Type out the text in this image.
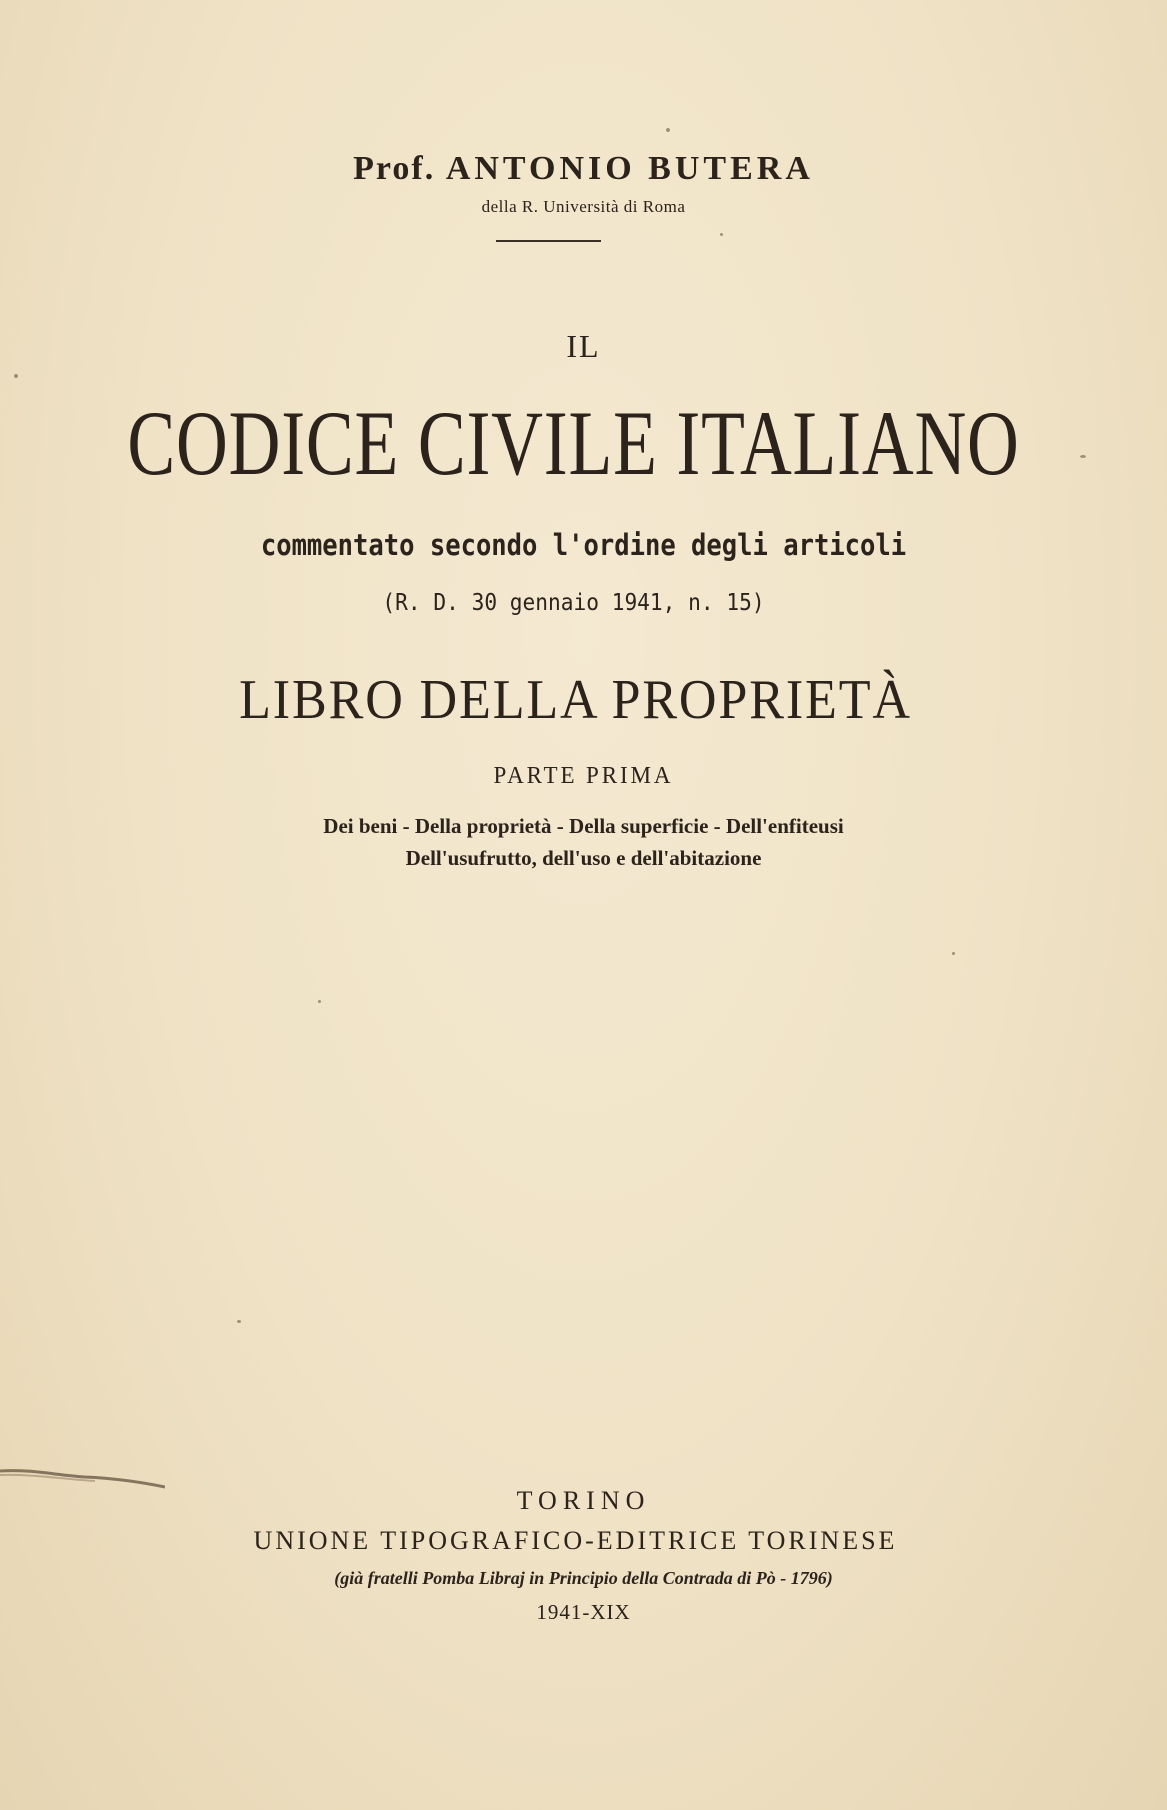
Prof. ANTONIO BUTERA
della R. Università di Roma
IL
CODICE CIVILE ITALIANO
commentato secondo l'ordine degli articoli
(R. D. 30 gennaio 1941, n. 15)
LIBRO DELLA PROPRIETÀ
PARTE PRIMA
Dei beni - Della proprietà - Della superficie - Dell'enfiteusi
Dell'usufrutto, dell'uso e dell'abitazione
TORINO
UNIONE TIPOGRAFICO-EDITRICE TORINESE
(già fratelli Pomba Libraj in Principio della Contrada di Pò - 1796)
1941-XIX
